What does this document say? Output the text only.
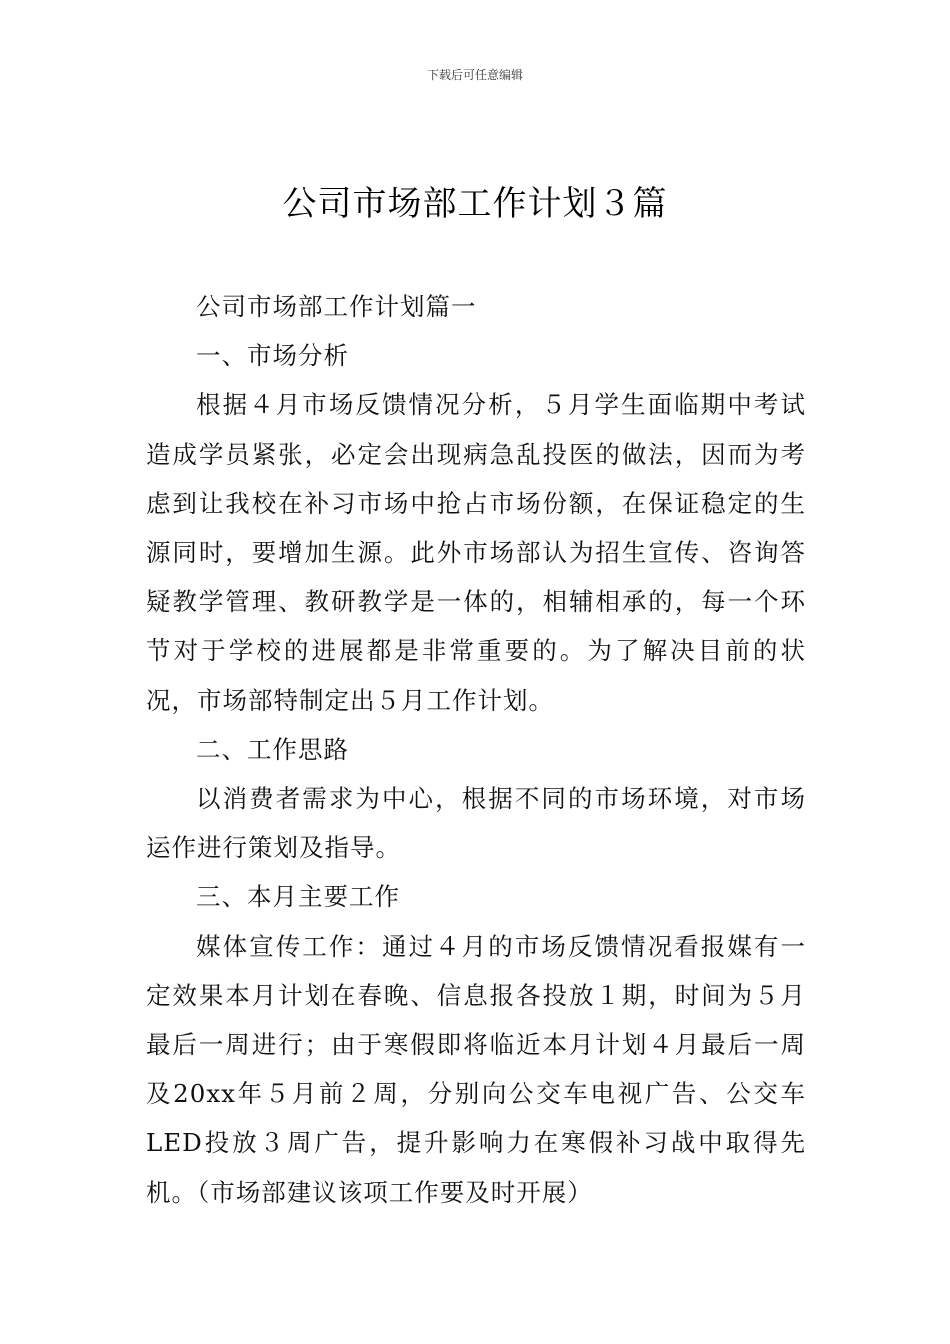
下载后可任意编辑
公司市场部工作计划３篇

公司市场部工作计划篇一

一、市场分析

根据４月市场反馈情况分析，５月学生面临期中考试造成学员紧张，必定会出现病急乱投医的做法，因而为考虑到让我校在补习市场中抢占市场份额，在保证稳定的生源同时，要增加生源。此外市场部认为招生宣传、咨询答疑教学管理、教研教学是一体的，相辅相承的，每一个环节对于学校的进展都是非常重要的。为了解决目前的状况，市场部特制定出５月工作计划。

二、工作思路

以消费者需求为中心，根据不同的市场环境，对市场运作进行策划及指导。

三、本月主要工作

媒体宣传工作：通过４月的市场反馈情况看报媒有一定效果本月计划在春晚、信息报各投放１期，时间为５月最后一周进行；由于寒假即将临近本月计划４月最后一周及20xx年５月前２周，分别向公交车电视广告、公交车LED投放３周广告，提升影响力在寒假补习战中取得先机。（市场部建议该项工作要及时开展）
